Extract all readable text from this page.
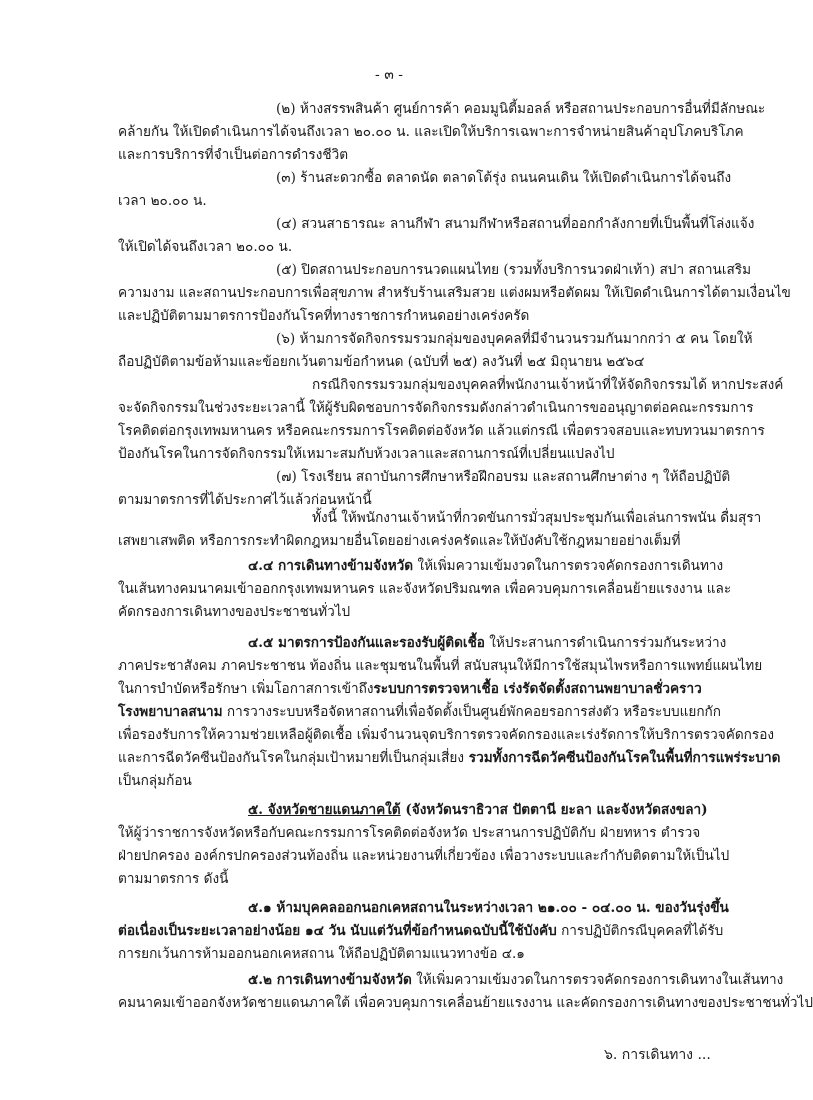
- ๓ -
(๒) ห้างสรรพสินค้า ศูนย์การค้า คอมมูนิตี้มอลล์ หรือสถานประกอบการอื่นที่มีลักษณะ
คล้ายกัน ให้เปิดดำเนินการได้จนถึงเวลา ๒๐.๐๐ น. และเปิดให้บริการเฉพาะการจำหน่ายสินค้าอุปโภคบริโภค
และการบริการที่จำเป็นต่อการดำรงชีวิต
(๓) ร้านสะดวกซื้อ ตลาดนัด ตลาดโต้รุ่ง ถนนคนเดิน ให้เปิดดำเนินการได้จนถึง
เวลา ๒๐.๐๐ น.
(๔) สวนสาธารณะ ลานกีฬา สนามกีฬาหรือสถานที่ออกกำลังกายที่เป็นพื้นที่โล่งแจ้ง
ให้เปิดได้จนถึงเวลา ๒๐.๐๐ น.
(๕) ปิดสถานประกอบการนวดแผนไทย (รวมทั้งบริการนวดฝ่าเท้า) สปา สถานเสริม
ความงาม และสถานประกอบการเพื่อสุขภาพ สำหรับร้านเสริมสวย แต่งผมหรือตัดผม ให้เปิดดำเนินการได้ตามเงื่อนไข
และปฏิบัติตามมาตรการป้องกันโรคที่ทางราชการกำหนดอย่างเคร่งครัด
(๖) ห้ามการจัดกิจกรรมรวมกลุ่มของบุคคลที่มีจำนวนรวมกันมากกว่า ๕ คน โดยให้
ถือปฏิบัติตามข้อห้ามและข้อยกเว้นตามข้อกำหนด (ฉบับที่ ๒๕) ลงวันที่ ๒๕ มิถุนายน ๒๕๖๔
กรณีกิจกรรมรวมกลุ่มของบุคคลที่พนักงานเจ้าหน้าที่ให้จัดกิจกรรมได้ หากประสงค์
จะจัดกิจกรรมในช่วงระยะเวลานี้ ให้ผู้รับผิดชอบการจัดกิจกรรมดังกล่าวดำเนินการขออนุญาตต่อคณะกรรมการ
โรคติดต่อกรุงเทพมหานคร หรือคณะกรรมการโรคติดต่อจังหวัด แล้วแต่กรณี เพื่อตรวจสอบและทบทวนมาตรการ
ป้องกันโรคในการจัดกิจกรรมให้เหมาะสมกับห้วงเวลาและสถานการณ์ที่เปลี่ยนแปลงไป
(๗) โรงเรียน สถาบันการศึกษาหรือฝึกอบรม และสถานศึกษาต่าง ๆ ให้ถือปฏิบัติ
ตามมาตรการที่ได้ประกาศไว้แล้วก่อนหน้านี้
ทั้งนี้ ให้พนักงานเจ้าหน้าที่กวดขันการมั่วสุมประชุมกันเพื่อเล่นการพนัน ดื่มสุรา
เสพยาเสพติด หรือการกระทำผิดกฎหมายอื่นโดยอย่างเคร่งครัดและให้บังคับใช้กฎหมายอย่างเต็มที่
๔.๔ การเดินทางข้ามจังหวัด ให้เพิ่มความเข้มงวดในการตรวจคัดกรองการเดินทาง
ในเส้นทางคมนาคมเข้าออกกรุงเทพมหานคร และจังหวัดปริมณฑล เพื่อควบคุมการเคลื่อนย้ายแรงงาน และ
คัดกรองการเดินทางของประชาชนทั่วไป
๔.๕ มาตรการป้องกันและรองรับผู้ติดเชื้อ ให้ประสานการดำเนินการร่วมกันระหว่าง
ภาคประชาสังคม ภาคประชาชน ท้องถิ่น และชุมชนในพื้นที่ สนับสนุนให้มีการใช้สมุนไพรหรือการแพทย์แผนไทย
ในการบำบัดหรือรักษา เพิ่มโอกาสการเข้าถึงระบบการตรวจหาเชื้อ เร่งรัดจัดตั้งสถานพยาบาลชั่วคราว
โรงพยาบาลสนาม การวางระบบหรือจัดหาสถานที่เพื่อจัดตั้งเป็นศูนย์พักคอยรอการส่งตัว หรือระบบแยกกัก
เพื่อรองรับการให้ความช่วยเหลือผู้ติดเชื้อ เพิ่มจำนวนจุดบริการตรวจคัดกรองและเร่งรัดการให้บริการตรวจคัดกรอง
และการฉีดวัคซีนป้องกันโรคในกลุ่มเป้าหมายที่เป็นกลุ่มเสี่ยง รวมทั้งการฉีดวัคซีนป้องกันโรคในพื้นที่การแพร่ระบาด
เป็นกลุ่มก้อน
๕. จังหวัดชายแดนภาคใต้ (จังหวัดนราธิวาส ปัตตานี ยะลา และจังหวัดสงขลา)
ให้ผู้ว่าราชการจังหวัดหรือกับคณะกรรมการโรคติดต่อจังหวัด ประสานการปฏิบัติกับ ฝ่ายทหาร ตำรวจ
ฝ่ายปกครอง องค์กรปกครองส่วนท้องถิ่น และหน่วยงานที่เกี่ยวข้อง เพื่อวางระบบและกำกับติดตามให้เป็นไป
ตามมาตรการ ดังนี้
๕.๑ ห้ามบุคคลออกนอกเคหสถานในระหว่างเวลา ๒๑.๐๐ - ๐๔.๐๐ น. ของวันรุ่งขึ้น
ต่อเนื่องเป็นระยะเวลาอย่างน้อย ๑๔ วัน นับแต่วันที่ข้อกำหนดฉบับนี้ใช้บังคับ การปฏิบัติกรณีบุคคลที่ได้รับ
การยกเว้นการห้ามออกนอกเคหสถาน ให้ถือปฏิบัติตามแนวทางข้อ ๔.๑
๕.๒ การเดินทางข้ามจังหวัด ให้เพิ่มความเข้มงวดในการตรวจคัดกรองการเดินทางในเส้นทาง
คมนาคมเข้าออกจังหวัดชายแดนภาคใต้ เพื่อควบคุมการเคลื่อนย้ายแรงงาน และคัดกรองการเดินทางของประชาชนทั่วไป
๖. การเดินทาง ...
